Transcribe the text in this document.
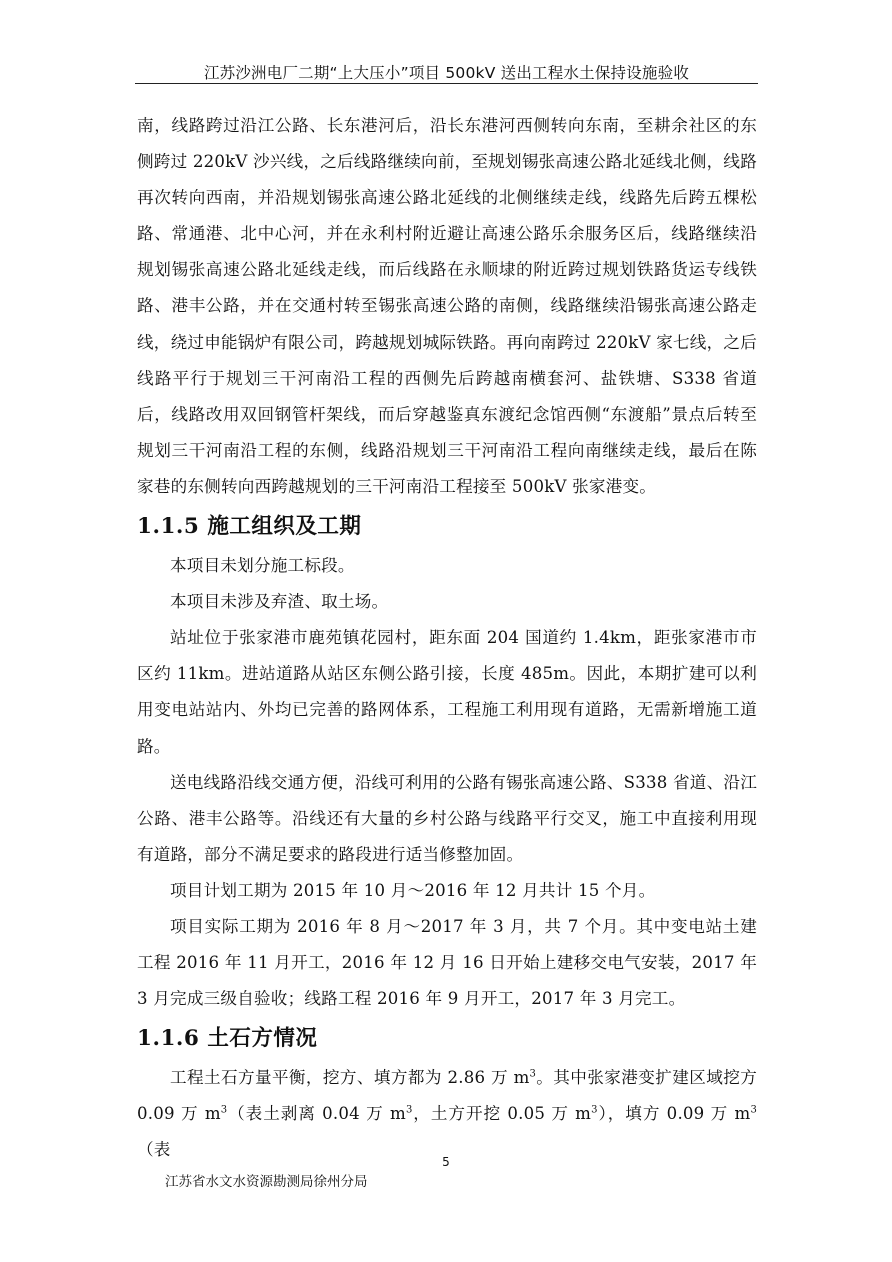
江苏沙洲电厂二期“上大压小”项目 500kV 送出工程水土保持设施验收

南，线路跨过沿江公路、长东港河后，沿长东港河西侧转向东南，至耕余社区的东侧跨过 220kV 沙兴线，之后线路继续向前，至规划锡张高速公路北延线北侧，线路再次转向西南，并沿规划锡张高速公路北延线的北侧继续走线，线路先后跨五棵松路、常通港、北中心河，并在永利村附近避让高速公路乐余服务区后，线路继续沿规划锡张高速公路北延线走线，而后线路在永顺埭的附近跨过规划铁路货运专线铁路、港丰公路，并在交通村转至锡张高速公路的南侧，线路继续沿锡张高速公路走线，绕过申能锅炉有限公司，跨越规划城际铁路。再向南跨过 220kV 家七线，之后线路平行于规划三干河南沿工程的西侧先后跨越南横套河、盐铁塘、S338 省道后，线路改用双回钢管杆架线，而后穿越鉴真东渡纪念馆西侧“东渡船”景点后转至规划三干河南沿工程的东侧，线路沿规划三干河南沿工程向南继续走线，最后在陈家巷的东侧转向西跨越规划的三干河南沿工程接至 500kV 张家港变。

1.1.5 施工组织及工期

本项目未划分施工标段。

本项目未涉及弃渣、取土场。

站址位于张家港市鹿苑镇花园村，距东面 204 国道约 1.4km，距张家港市市区约 11km。进站道路从站区东侧公路引接，长度 485m。因此，本期扩建可以利用变电站站内、外均已完善的路网体系，工程施工利用现有道路，无需新增施工道路。

送电线路沿线交通方便，沿线可利用的公路有锡张高速公路、S338 省道、沿江公路、港丰公路等。沿线还有大量的乡村公路与线路平行交叉，施工中直接利用现有道路，部分不满足要求的路段进行适当修整加固。

项目计划工期为 2015 年 10 月～2016 年 12 月共计 15 个月。

项目实际工期为 2016 年 8 月～2017 年 3 月，共 7 个月。其中变电站土建工程 2016 年 11 月开工，2016 年 12 月 16 日开始上建移交电气安装，2017 年 3 月完成三级自验收；线路工程 2016 年 9 月开工，2017 年 3 月完工。

1.1.6 土石方情况

工程土石方量平衡，挖方、填方都为 2.86 万 $m^3$。其中张家港变扩建区域挖方 0.09 万 $m^3$（表土剥离 0.04 万 $m^3$，土方开挖 0.05 万 $m^3$），填方 0.09 万 $m^3$（表

5
江苏省水文水资源勘测局徐州分局
